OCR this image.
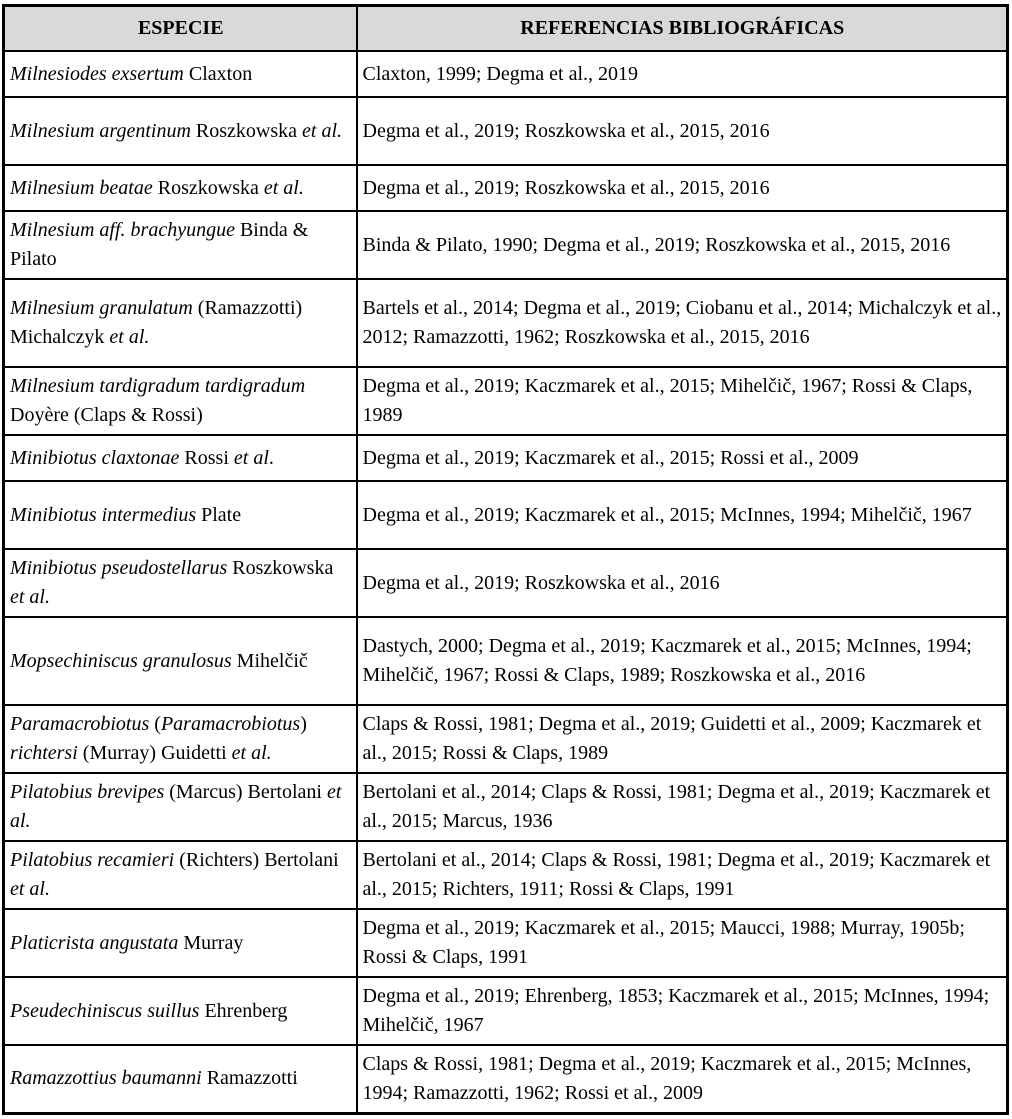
ESPECIE	REFERENCIAS BIBLIOGRÁFICAS
Milnesiodes exsertum Claxton	Claxton, 1999; Degma et al., 2019
Milnesium argentinum Roszkowska et al.	Degma et al., 2019; Roszkowska et al., 2015, 2016
Milnesium beatae Roszkowska et al.	Degma et al., 2019; Roszkowska et al., 2015, 2016
Milnesium aff. brachyungue Binda & Pilato	Binda & Pilato, 1990; Degma et al., 2019; Roszkowska et al., 2015, 2016
Milnesium granulatum (Ramazzotti) Michalczyk et al.	Bartels et al., 2014; Degma et al., 2019; Ciobanu et al., 2014; Michalczyk et al., 2012; Ramazzotti, 1962; Roszkowska et al., 2015, 2016
Milnesium tardigradum tardigradum Doyère (Claps & Rossi)	Degma et al., 2019; Kaczmarek et al., 2015; Mihelčič, 1967; Rossi & Claps, 1989
Minibiotus claxtonae Rossi et al.	Degma et al., 2019; Kaczmarek et al., 2015; Rossi et al., 2009
Minibiotus intermedius Plate	Degma et al., 2019; Kaczmarek et al., 2015; McInnes, 1994; Mihelčič, 1967
Minibiotus pseudostellarus Roszkowska et al.	Degma et al., 2019; Roszkowska et al., 2016
Mopsechiniscus granulosus Mihelčič	Dastych, 2000; Degma et al., 2019; Kaczmarek et al., 2015; McInnes, 1994; Mihelčič, 1967; Rossi & Claps, 1989; Roszkowska et al., 2016
Paramacrobiotus (Paramacrobiotus) richtersi (Murray) Guidetti et al.	Claps & Rossi, 1981; Degma et al., 2019; Guidetti et al., 2009; Kaczmarek et al., 2015; Rossi & Claps, 1989
Pilatobius brevipes (Marcus) Bertolani et al.	Bertolani et al., 2014; Claps & Rossi, 1981; Degma et al., 2019; Kaczmarek et al., 2015; Marcus, 1936
Pilatobius recamieri (Richters) Bertolani et al.	Bertolani et al., 2014; Claps & Rossi, 1981; Degma et al., 2019; Kaczmarek et al., 2015; Richters, 1911; Rossi & Claps, 1991
Platicrista angustata Murray	Degma et al., 2019; Kaczmarek et al., 2015; Maucci, 1988; Murray, 1905b; Rossi & Claps, 1991
Pseudechiniscus suillus Ehrenberg	Degma et al., 2019; Ehrenberg, 1853; Kaczmarek et al., 2015; McInnes, 1994; Mihelčič, 1967
Ramazzottius baumanni Ramazzotti	Claps & Rossi, 1981; Degma et al., 2019; Kaczmarek et al., 2015; McInnes, 1994; Ramazzotti, 1962; Rossi et al., 2009
